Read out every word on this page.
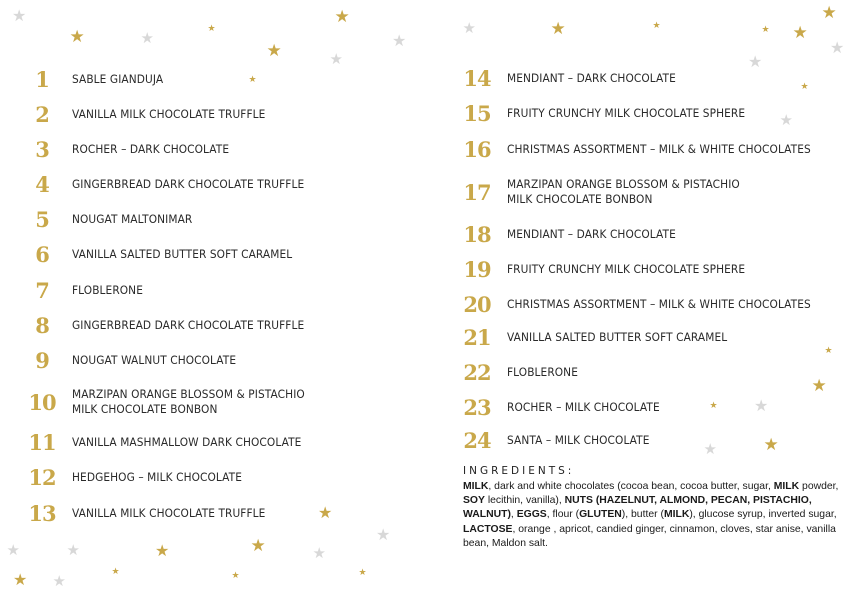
1	SABLE GIANDUJA
2	VANILLA MILK CHOCOLATE TRUFFLE
3	ROCHER – DARK CHOCOLATE
4	GINGERBREAD DARK CHOCOLATE TRUFFLE
5	NOUGAT MALTONIMAR
6	VANILLA SALTED BUTTER SOFT CARAMEL
7	FLOBLERONE
8	GINGERBREAD DARK CHOCOLATE TRUFFLE
9	NOUGAT WALNUT CHOCOLATE
10	MARZIPAN ORANGE BLOSSOM & PISTACHIO
MILK CHOCOLATE BONBON
11	VANILLA MASHMALLOW DARK CHOCOLATE
12	HEDGEHOG – MILK CHOCOLATE
13	VANILLA MILK CHOCOLATE TRUFFLE
14	MENDIANT – DARK CHOCOLATE
15	FRUITY CRUNCHY MILK CHOCOLATE SPHERE
16	CHRISTMAS ASSORTMENT – MILK & WHITE CHOCOLATES
17	MARZIPAN ORANGE BLOSSOM & PISTACHIO
MILK CHOCOLATE BONBON
18	MENDIANT – DARK CHOCOLATE
19	FRUITY CRUNCHY MILK CHOCOLATE SPHERE
20	CHRISTMAS ASSORTMENT – MILK & WHITE CHOCOLATES
21	VANILLA SALTED BUTTER SOFT CARAMEL
22	FLOBLERONE
23	ROCHER – MILK CHOCOLATE
24	SANTA – MILK CHOCOLATE
★
★	★	★
★
★
★
★
★
★
★	★	★	★	★
★
★ ★	★	★	★
★	★	★	★ ★
★
★
★
★
★
★
★
★ ★
★	★
INGREDIENTS:
MILK, dark and white chocolates (cocoa bean, cocoa butter, sugar, MILK powder, SOY lecithin, vanilla), NUTS (HAZELNUT, ALMOND, PECAN, PISTACHIO, WALNUT), EGGS, flour (GLUTEN), butter (MILK), glucose syrup, inverted sugar, LACTOSE, orange , apricot, candied ginger, cinnamon, cloves, star anise, vanilla bean, Maldon salt.
